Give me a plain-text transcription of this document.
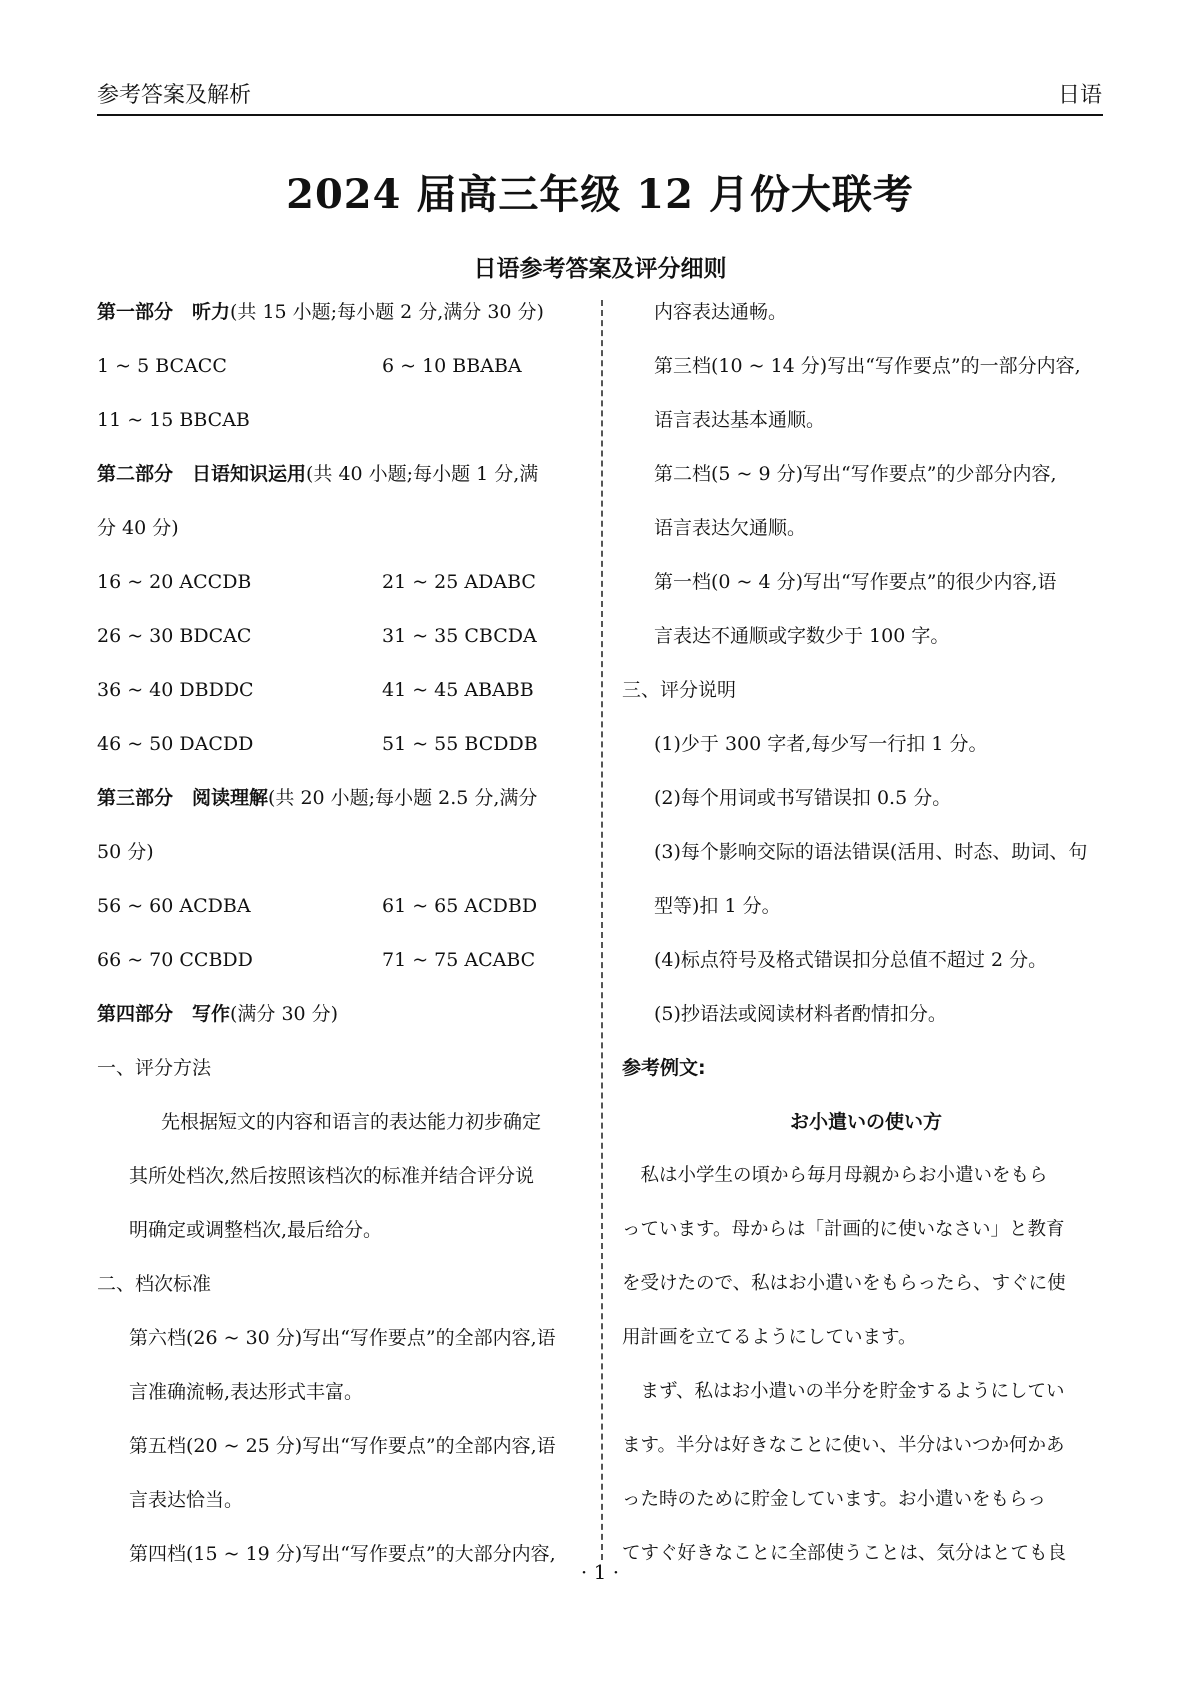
参考答案及解析	日语
2024 届高三年级 12 月份大联考
日语参考答案及评分细则
第一部分　听力(共 15 小题;每小题 2 分,满分 30 分)
1 ~ 5 BCACC	6 ~ 10 BBABA
11 ~ 15 BBCAB
第二部分　日语知识运用(共 40 小题;每小题 1 分,满
分 40 分)
16 ~ 20 ACCDB	21 ~ 25 ADABC
26 ~ 30 BDCAC	31 ~ 35 CBCDA
36 ~ 40 DBDDC	41 ~ 45 ABABB
46 ~ 50 DACDD	51 ~ 55 BCDDB
第三部分　阅读理解(共 20 小题;每小题 2.5 分,满分
50 分)
56 ~ 60 ACDBA	61 ~ 65 ACDBD
66 ~ 70 CCBDD	71 ~ 75 ACABC
第四部分　写作(满分 30 分)
一、评分方法
先根据短文的内容和语言的表达能力初步确定
其所处档次,然后按照该档次的标准并结合评分说
明确定或调整档次,最后给分。
二、档次标准
第六档(26 ~ 30 分)写出“写作要点”的全部内容,语
言准确流畅,表达形式丰富。
第五档(20 ~ 25 分)写出“写作要点”的全部内容,语
言表达恰当。
第四档(15 ~ 19 分)写出“写作要点”的大部分内容,
内容表达通畅。
第三档(10 ~ 14 分)写出“写作要点”的一部分内容,
语言表达基本通顺。
第二档(5 ~ 9 分)写出“写作要点”的少部分内容,
语言表达欠通顺。
第一档(0 ~ 4 分)写出“写作要点”的很少内容,语
言表达不通顺或字数少于 100 字。
三、评分说明
(1)少于 300 字者,每少写一行扣 1 分。
(2)每个用词或书写错误扣 0.5 分。
(3)每个影响交际的语法错误(活用、时态、助词、句
型等)扣 1 分。
(4)标点符号及格式错误扣分总值不超过 2 分。
(5)抄语法或阅读材料者酌情扣分。
参考例文:
お小遣いの使い方
　私は小学生の頃から毎月母親からお小遣いをもら
っています。母からは「計画的に使いなさい」と教育
を受けたので、私はお小遣いをもらったら、すぐに使
用計画を立てるようにしています。
　まず、私はお小遣いの半分を貯金するようにしてい
ます。半分は好きなことに使い、半分はいつか何かあ
った時のために貯金しています。お小遣いをもらっ
てすぐ好きなことに全部使うことは、気分はとても良
· 1 ·
